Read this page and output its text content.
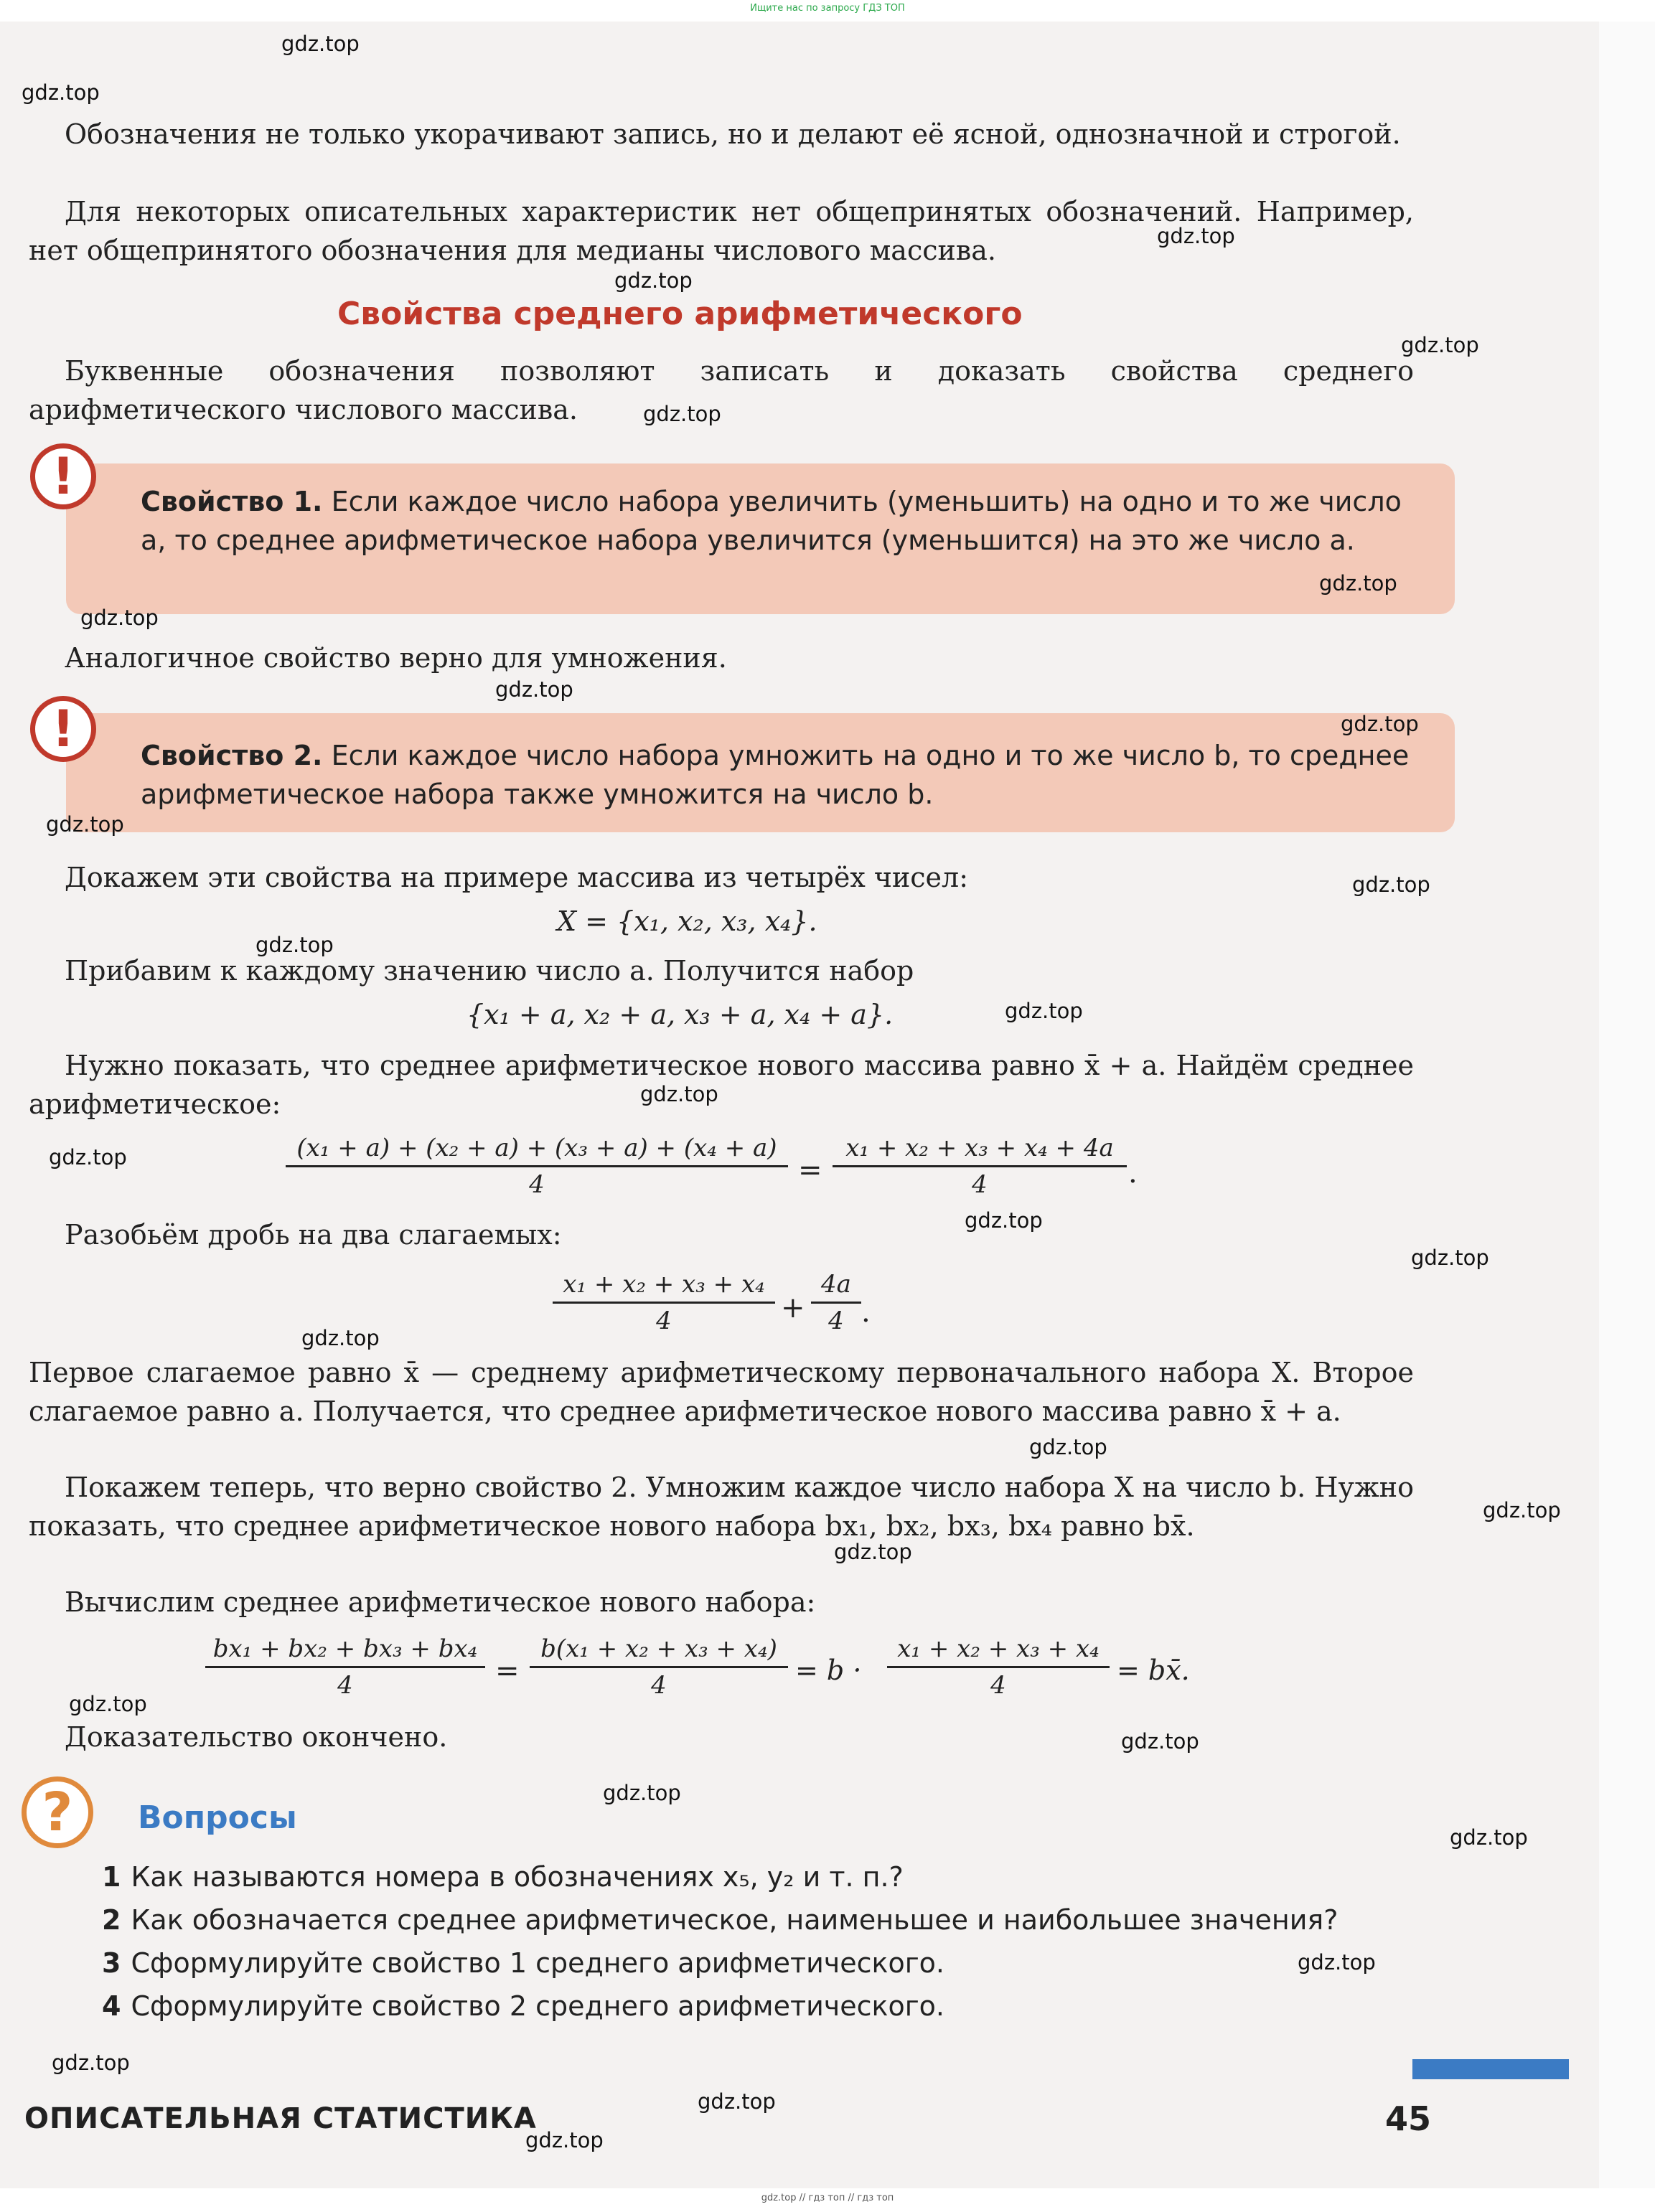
Ищите нас по запросу ГДЗ ТОП
Обозначения не только укорачивают запись, но и делают её ясной, однозначной и строгой.
Для некоторых описательных характеристик нет общепринятых обозначений. Например, нет общепринятого обозначения для медианы числового массива.
Свойства среднего арифметического
Буквенные обозначения позволяют записать и доказать свойства среднего арифметического числового массива.
Свойство 1. Если каждое число набора увеличить (уменьшить) на одно и то же число a, то среднее арифметическое набора увеличится (уменьшится) на это же число a.
!
Аналогичное свойство верно для умножения.
Свойство 2. Если каждое число набора умножить на одно и то же число b, то среднее арифметическое набора также умножится на число b.
!
Докажем эти свойства на примере массива из четырёх чисел:
X = {x₁, x₂, x₃, x₄}.
Прибавим к каждому значению число a. Получится набор
{x₁ + a, x₂ + a, x₃ + a, x₄ + a}.
Нужно показать, что среднее арифметическое нового массива равно x̄ + a. Найдём среднее арифметическое:
$\frac{\text{(x₁ + a) + (x₂ + a) + (x₃ + a) + (x₄ + a)}}{4} = \frac{\text{x₁ + x₂ + x₃ + x₄ + 4a}}{4}$ .
Разобьём дробь на два слагаемых:
$\frac{\text{x₁ + x₂ + x₃ + x₄}}{4} + \frac{4a}{4}$ .
Первое слагаемое равно x̄ — среднему арифметическому первоначального набора X. Второе слагаемое равно a. Получается, что среднее арифметическое нового массива равно x̄ + a.
Покажем теперь, что верно свойство 2. Умножим каждое число набора X на число b. Нужно показать, что среднее арифметическое нового набора bx₁, bx₂, bx₃, bx₄ равно bx̄.
Вычислим среднее арифметическое нового набора:
$\frac{\text{bx₁ + bx₂ + bx₃ + bx₄}}{4} = \frac{\text{b(x₁ + x₂ + x₃ + x₄)}}{4} = b \cdot \frac{\text{x₁ + x₂ + x₃ + x₄}}{4}$ = bx̄.
Доказательство окончено.
?	Вопросы
1 Как называются номера в обозначениях x₅, y₂ и т. п.?
2 Как обозначается среднее арифметическое, наименьшее и наибольшее значения?
3 Сформулируйте свойство 1 среднего арифметического.
4 Сформулируйте свойство 2 среднего арифметического.
ОПИСАТЕЛЬНАЯ СТАТИСТИКА	45
gdz.top
gdz.top
gdz.top
gdz.top
gdz.top
gdz.top
gdz.top
gdz.top
gdz.top
gdz.top
gdz.top
gdz.top
gdz.top
gdz.top
gdz.top
gdz.top
gdz.top
gdz.top
gdz.top
gdz.top
gdz.top
gdz.top
gdz.top
gdz.top
gdz.top
gdz.top
gdz.top
gdz.top
gdz.top
gdz.top
gdz.top // гдз топ // гдз топ
